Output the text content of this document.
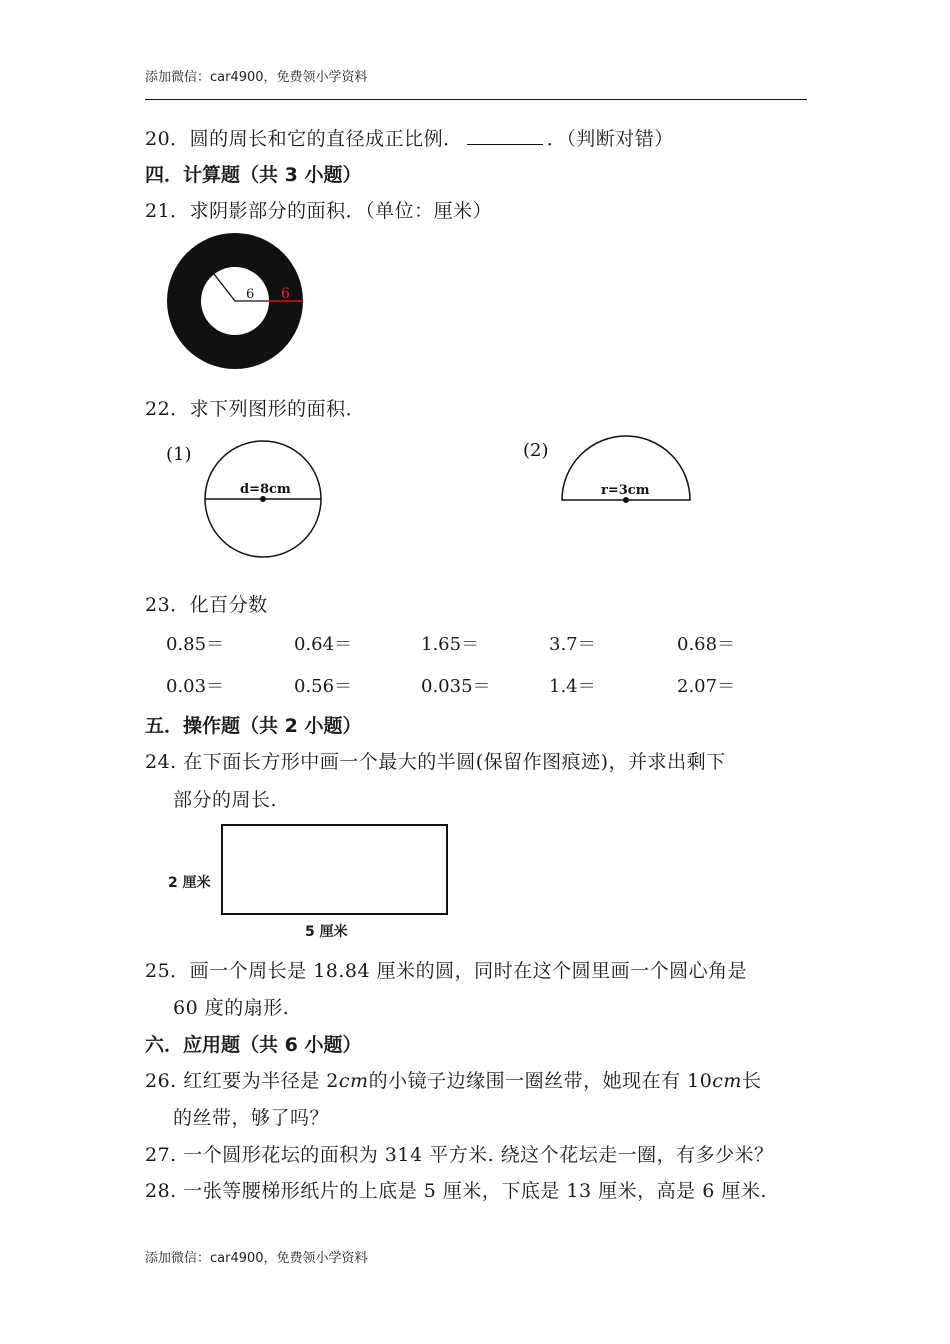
添加微信：car4900，免费领小学资料
20．圆的周长和它的直径成正比例．	．（判断对错）
四．计算题（共 3 小题）
21．求阴影部分的面积．（单位：厘米）
6 6
22．求下列图形的面积．
(1)
d=8cm
(2)
r=3cm
23．化百分数
0.85＝	0.64＝	1.65＝	3.7＝	0.68＝
0.03＝	0.56＝	0.035＝	1.4＝	2.07＝
五．操作题（共 2 小题）
24. 在下面长方形中画一个最大的半圆(保留作图痕迹)，并求出剩下
部分的周长.
2 厘米
5 厘米
25．画一个周长是 18.84 厘米的圆，同时在这个圆里画一个圆心角是
60 度的扇形.
六．应用题（共 6 小题）
26. 红红要为半径是 2cm的小镜子边缘围一圈丝带，她现在有 10cm长
的丝带，够了吗？
27. 一个圆形花坛的面积为 314 平方米. 绕这个花坛走一圈，有多少米？
28. 一张等腰梯形纸片的上底是 5 厘米，下底是 13 厘米，高是 6 厘米.
添加微信：car4900，免费领小学资料
